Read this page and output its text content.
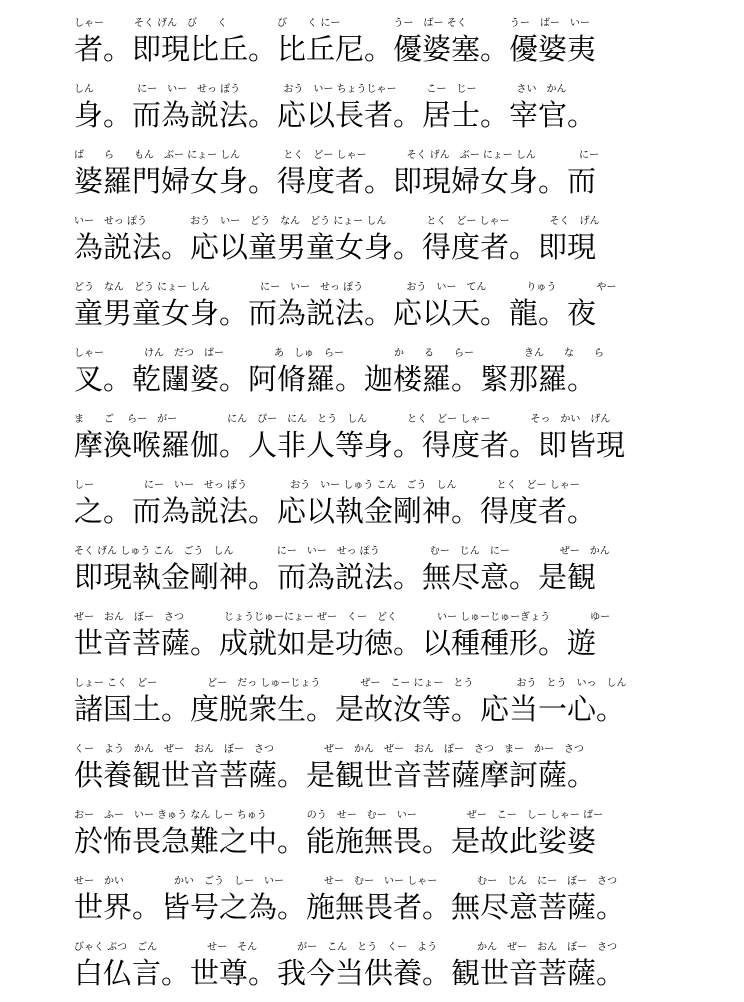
しゃー　　　そく げん　び　　く　　　　　び　　く にー　　　　　 うー　ばー そく　　　　 うー　ばー　いー
者。即現比丘。比丘尼。優婆塞。優婆夷
しん　　　　 にー　いー　せっ ぽう　　　　 おう　いー ちょうじゃー　　　こー　じー　　　　さい　かん
身。而為説法。応以長者。居士。宰官。
ば　　ら　　もん　ぶー にょー しん　　　　 とく　どー しゃー　　　　そく げん　ぶー にょー しん　　　　 にー
婆羅門婦女身。得度者。即現婦女身。而
いー　せっ ぽう　　　　 おう　いー　どう　なん　どう にょー しん　　　　とく　どー しゃー　　　　そく　げん
為説法。応以童男童女身。得度者。即現
どう　なん　どう にょー しん　　　　　にー　いー　せっ ぽう　　　　 おう　いー　てん　　　　りゅう　　　　やー
童男童女身。而為説法。応以天。龍。夜
しゃー　　　　けん　だつ　ばー　　　　　あ　しゅ　らー　　　　　か　　る　　らー　　　　　きん　　な　　ら
叉。乾闥婆。阿脩羅。迦楼羅。緊那羅。
ま　　ご　 らー　がー　　　　　にん　ぴー　にん　とう　しん　　　　とく　どー しゃー　　　　そっ　かい　げん
摩渙喉羅伽。人非人等身。得度者。即皆現
しー　　　　　にー　いー　せっ ぽう　　　　 おう　いー しゅう こん　ごう　しん　　　　とく　どー しゃー
之。而為説法。応以執金剛神。得度者。
そく げん しゅう こん　ごう　しん　　　　 にー　いー　せっ ぽう　　　　　むー　じん　にー　　　　　ぜー　かん
即現執金剛神。而為説法。無尽意。是観
ぜー　おん　ぼー　さつ　　　　じょうじゅーにょー ぜー　くー　どく　　　　いー しゅーじゅーぎょう　　　　ゆー
世音菩薩。成就如是功徳。以種種形。遊
しょー こく　どー　　　　　どー　だっ しゅーじょう　　　　ぜー　こー にょー　とう　　　　 おう　とう　いっ　しん
諸国土。度脱衆生。是故汝等。応当一心。
くー　よう　かん　ぜー　おん　ぼー　さつ　　　　　ぜー　かん　ぜー　おん　ぼー　さつ　まー　かー　さつ
供養観世音菩薩。是観世音菩薩摩訶薩。
おー　ふー　いー きゅう なん しー ちゅう　　　　のう　せー　むー　いー　　　　　ぜー　こー　しー しゃー ばー
於怖畏急難之中。能施無畏。是故此娑婆
せー　かい　　　　　かい　ごう　しー　いー　　　　せー　むー　いー しゃー　　　　むー　じん　にー　ぼー　さつ
世界。皆号之為。施無畏者。無尽意菩薩。
びゃく ぶつ　ごん　　　　　せー　そん　　　　がー　こん　とう　くー　よう　　　　かん　ぜー　おん　ぼー　さつ
白仏言。世尊。我今当供養。観世音菩薩。
